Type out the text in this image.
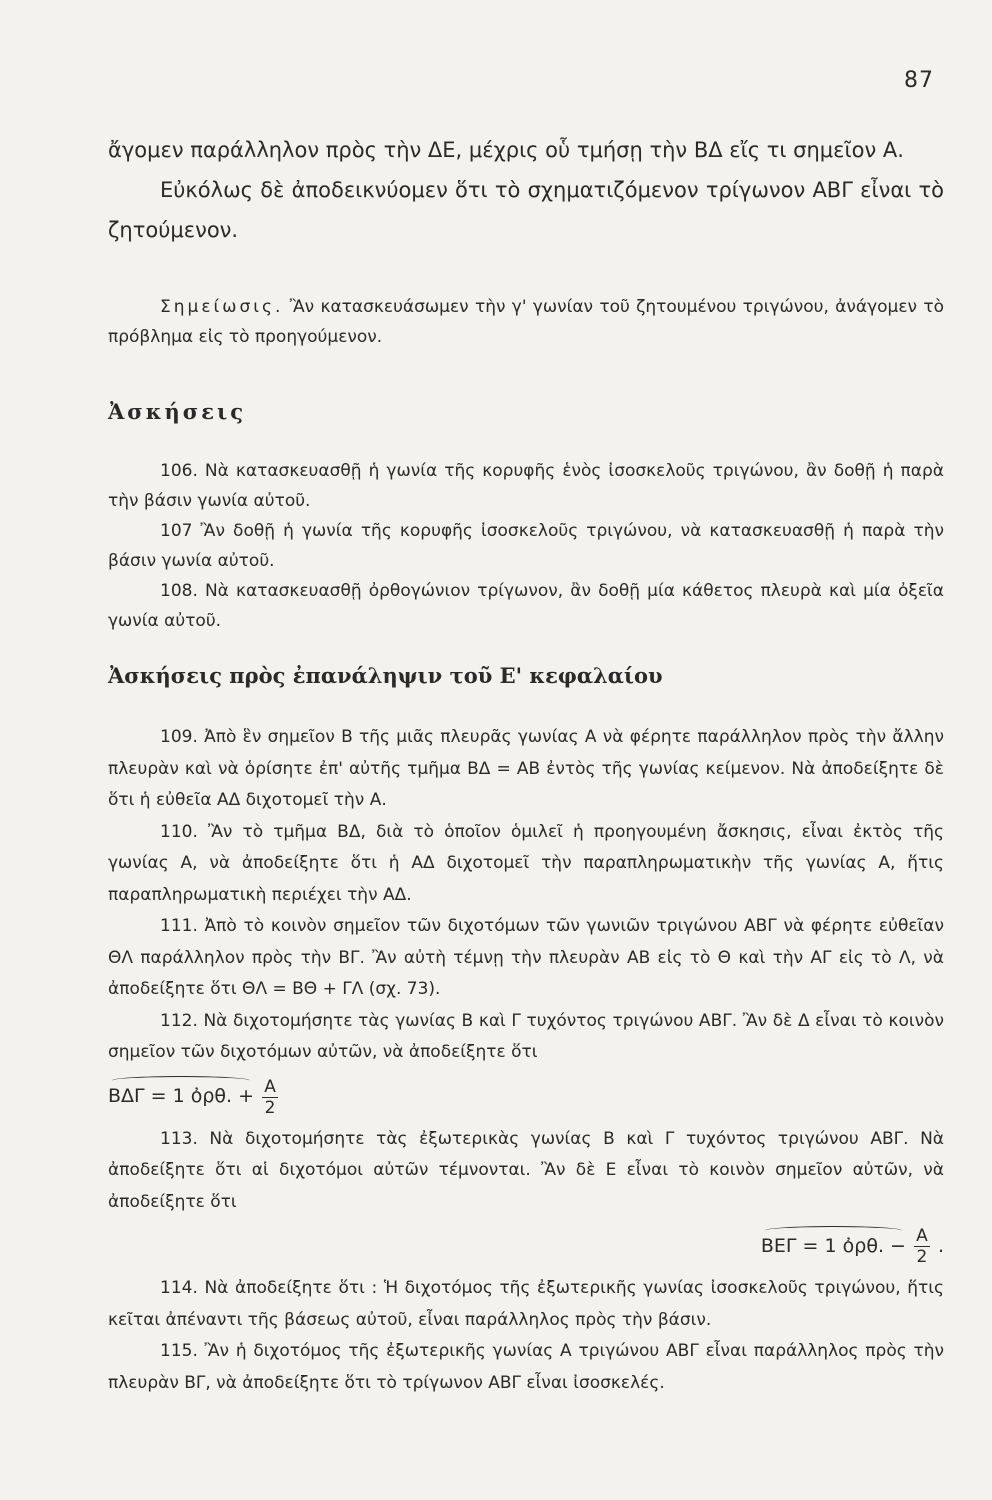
87

ἄγομεν παράλληλον πρὸς τὴν ΔΕ, μέχρις οὗ τμήσῃ τὴν ΒΔ εἴς τι σημεῖον Α.

Εὐκόλως δὲ ἀποδεικνύομεν ὅτι τὸ σχηματιζόμενον τρίγωνον ΑΒΓ εἶναι τὸ ζητούμενον.

Σημείωσις. Ἂν κατασκευάσωμεν τὴν γ' γωνίαν τοῦ ζητουμένου τριγώνου, ἀνάγομεν τὸ πρόβλημα εἰς τὸ προηγούμενον.

Ἀσκήσεις

106. Νὰ κατασκευασθῇ ἡ γωνία τῆς κορυφῆς ἑνὸς ἰσοσκελοῦς τριγώνου, ἂν δοθῇ ἡ παρὰ τὴν βάσιν γωνία αὐτοῦ.

107 Ἂν δοθῇ ἡ γωνία τῆς κορυφῆς ἰσοσκελοῦς τριγώνου, νὰ κατασκευασθῇ ἡ παρὰ τὴν βάσιν γωνία αὐτοῦ.

108. Νὰ κατασκευασθῇ ὀρθογώνιον τρίγωνον, ἂν δοθῇ μία κάθετος πλευρὰ καὶ μία ὀξεῖα γωνία αὐτοῦ.

Ἀσκήσεις πρὸς ἐπανάληψιν τοῦ Ε' κεφαλαίου

109. Ἀπὸ ἓν σημεῖον Β τῆς μιᾶς πλευρᾶς γωνίας Α νὰ φέρητε παράλληλον πρὸς τὴν ἄλλην πλευρὰν καὶ νὰ ὁρίσητε ἐπ' αὐτῆς τμῆμα ΒΔ = ΑΒ ἐντὸς τῆς γωνίας κείμενον. Νὰ ἀποδείξητε δὲ ὅτι ἡ εὐθεῖα ΑΔ διχοτομεῖ τὴν Α.

110. Ἂν τὸ τμῆμα ΒΔ, διὰ τὸ ὁποῖον ὁμιλεῖ ἡ προηγουμένη ἄσκησις, εἶναι ἐκτὸς τῆς γωνίας Α, νὰ ἀποδείξητε ὅτι ἡ ΑΔ διχοτομεῖ τὴν παραπληρωματικὴν τῆς γωνίας Α, ἥτις παραπληρωματικὴ περιέχει τὴν ΑΔ.

111. Ἀπὸ τὸ κοινὸν σημεῖον τῶν διχοτόμων τῶν γωνιῶν τριγώνου ΑΒΓ νὰ φέρητε εὐθεῖαν ΘΛ παράλληλον πρὸς τὴν ΒΓ. Ἂν αὐτὴ τέμνῃ τὴν πλευρὰν ΑΒ εἰς τὸ Θ καὶ τὴν ΑΓ εἰς τὸ Λ, νὰ ἀποδείξητε ὅτι ΘΛ = ΒΘ + ΓΛ (σχ. 73).

112. Νὰ διχοτομήσητε τὰς γωνίας Β καὶ Γ τυχόντος τριγώνου ΑΒΓ. Ἂν δὲ Δ εἶναι τὸ κοινὸν σημεῖον τῶν διχοτόμων αὐτῶν, νὰ ἀποδείξητε ὅτι

ΒΔΓ = 1 ὀρθ. + $\frac{A}{2}$

113. Νὰ διχοτομήσητε τὰς ἐξωτερικὰς γωνίας Β καὶ Γ τυχόντος τριγώνου ΑΒΓ. Νὰ ἀποδείξητε ὅτι αἱ διχοτόμοι αὐτῶν τέμνονται. Ἂν δὲ Ε εἶναι τὸ κοινὸν σημεῖον αὐτῶν, νὰ ἀποδείξητε ὅτι

ΒΕΓ = 1 ὀρθ. − $\frac{A}{2}$ .

114. Νὰ ἀποδείξητε ὅτι : Ἡ διχοτόμος τῆς ἐξωτερικῆς γωνίας ἰσοσκελοῦς τριγώνου, ἥτις κεῖται ἀπέναντι τῆς βάσεως αὐτοῦ, εἶναι παράλληλος πρὸς τὴν βάσιν.

115. Ἂν ἡ διχοτόμος τῆς ἐξωτερικῆς γωνίας Α τριγώνου ΑΒΓ εἶναι παράλληλος πρὸς τὴν πλευρὰν ΒΓ, νὰ ἀποδείξητε ὅτι τὸ τρίγωνον ΑΒΓ εἶναι ἰσοσκελές.
